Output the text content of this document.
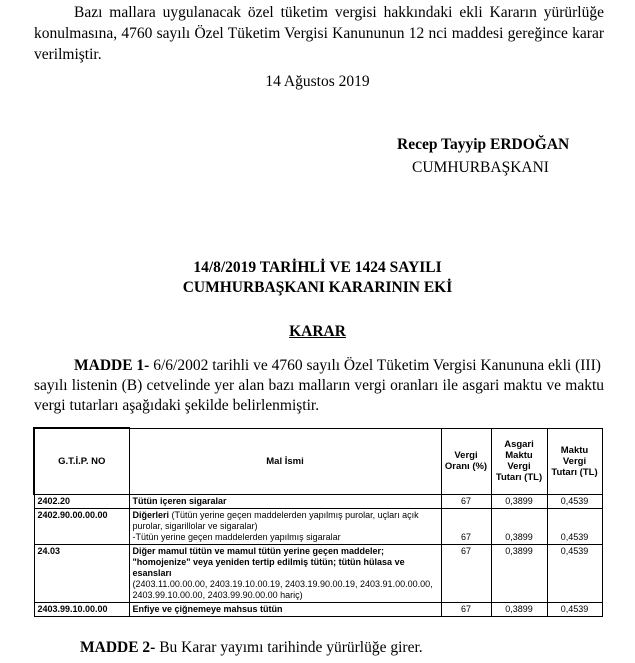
Bazı mallara uygulanacak özel tüketim vergisi hakkındaki ekli Kararın yürürlüğe
konulmasına, 4760 sayılı Özel Tüketim Vergisi Kanununun 12 nci maddesi gereğince karar
verilmiştir.
14 Ağustos 2019
Recep Tayyip ERDOĞAN
CUMHURBAŞKANI
14/8/2019 TARİHLİ VE 1424 SAYILI
CUMHURBAŞKANI KARARININ EKİ
KARAR
MADDE 1- 6/6/2002 tarihli ve 4760 sayılı Özel Tüketim Vergisi Kanununa ekli (III)
sayılı listenin (B) cetvelinde yer alan bazı malların vergi oranları ile asgari maktu ve maktu
vergi tutarları aşağıdaki şekilde belirlenmiştir.
G.T.İ.P. NO	Mal İsmi	Vergi Oranı (%)	Asgari Maktu Vergi Tutarı (TL)	Maktu Vergi Tutarı (TL)
2402.20	Tütün içeren sigaralar	67	0,3899	0,4539
2402.90.00.00.00	Diğerleri (Tütün yerine geçen maddelerden yapılmış purolar, uçları açık purolar, sigarillolar ve sigaralar)
-Tütün yerine geçen maddelerden yapılmış sigaralar	67	0,3899	0,4539
24.03	Diğer mamul tütün ve mamul tütün yerine geçen maddeler; "homojenize" veya yeniden tertip edilmiş tütün; tütün hülasa ve esansları
(2403.11.00.00.00, 2403.19.10.00.19, 2403.19.90.00.19, 2403.91.00.00.00, 2403.99.10.00.00, 2403.99.90.00.00 hariç)	67	0,3899	0,4539
2403.99.10.00.00	Enfiye ve çiğnemeye mahsus tütün	67	0,3899	0,4539
MADDE 2- Bu Karar yayımı tarihinde yürürlüğe girer.
